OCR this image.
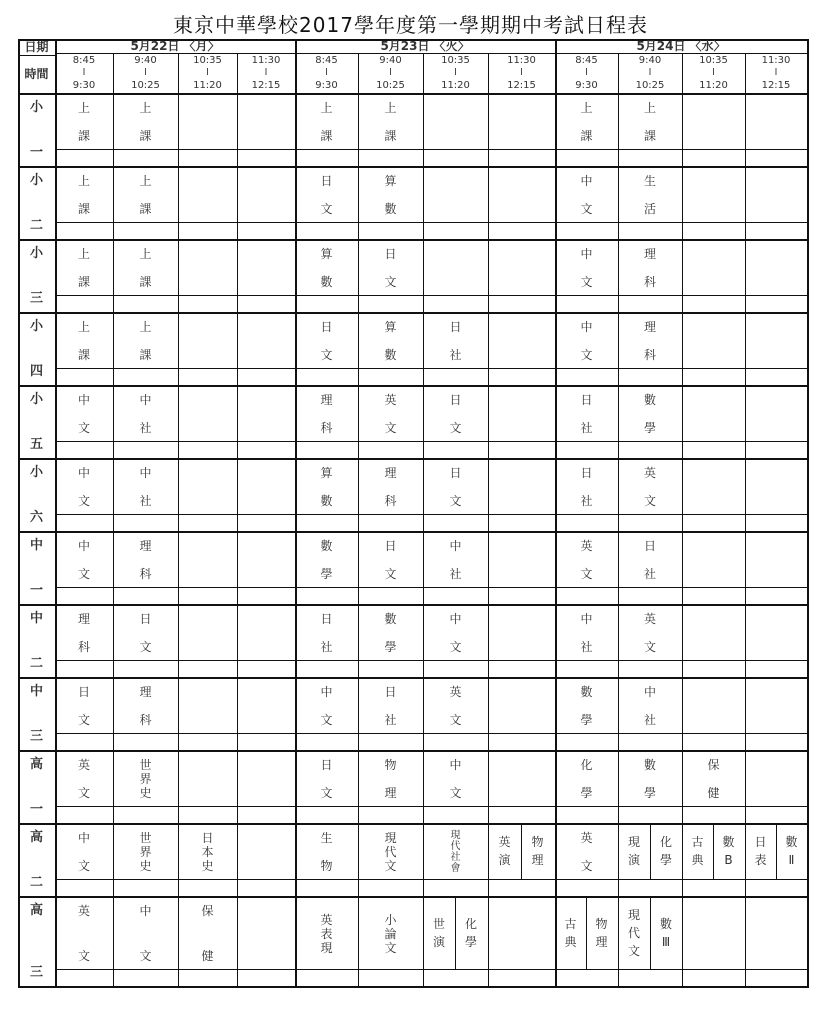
東京中華學校2017學年度第一學期期中考試日程表
日期
時間
5月22日 〈月〉
8:45
I
9:30
9:40
I
10:25
10:35
I
11:20
11:30
I
12:15
5月23日 〈火〉
8:45
I
9:30
9:40
I
10:25
10:35
I
11:20
11:30
I
12:15
5月24日 〈水〉
8:45
I
9:30
9:40
I
10:25
10:35
I
11:20
11:30
I
12:15
小
一
上
課
上
課
上
課
上
課
上
課
上
課
小
二
上
課
上
課
日
文
算
數
中
文
生
活
小
三
上
課
上
課
算
數
日
文
中
文
理
科
小
四
上
課
上
課
日
文
算
數
日
社
中
文
理
科
小
五
中
文
中
社
理
科
英
文
日
文
日
社
數
學
小
六
中
文
中
社
算
數
理
科
日
文
日
社
英
文
中
一
中
文
理
科
數
學
日
文
中
社
英
文
日
社
中
二
理
科
日
文
日
社
數
學
中
文
中
社
英
文
中
三
日
文
理
科
中
文
日
社
英
文
數
學
中
社
高
一
英
文
世
界
史
日
文
物
理
中
文
化
學
數
學
保
健
高
二
中
文
世
界
史
日
本
史
生
物
現
代
文
現
代
社
會
英
演
物
理
英
文
現
演
化
學
古
典
數
B
日
表
數
Ⅱ
高
三
英
文
中
文
保
健
英
表
現
小
論
文
世
演
化
學
古
典
物
理
現
代
文
數
Ⅲ
